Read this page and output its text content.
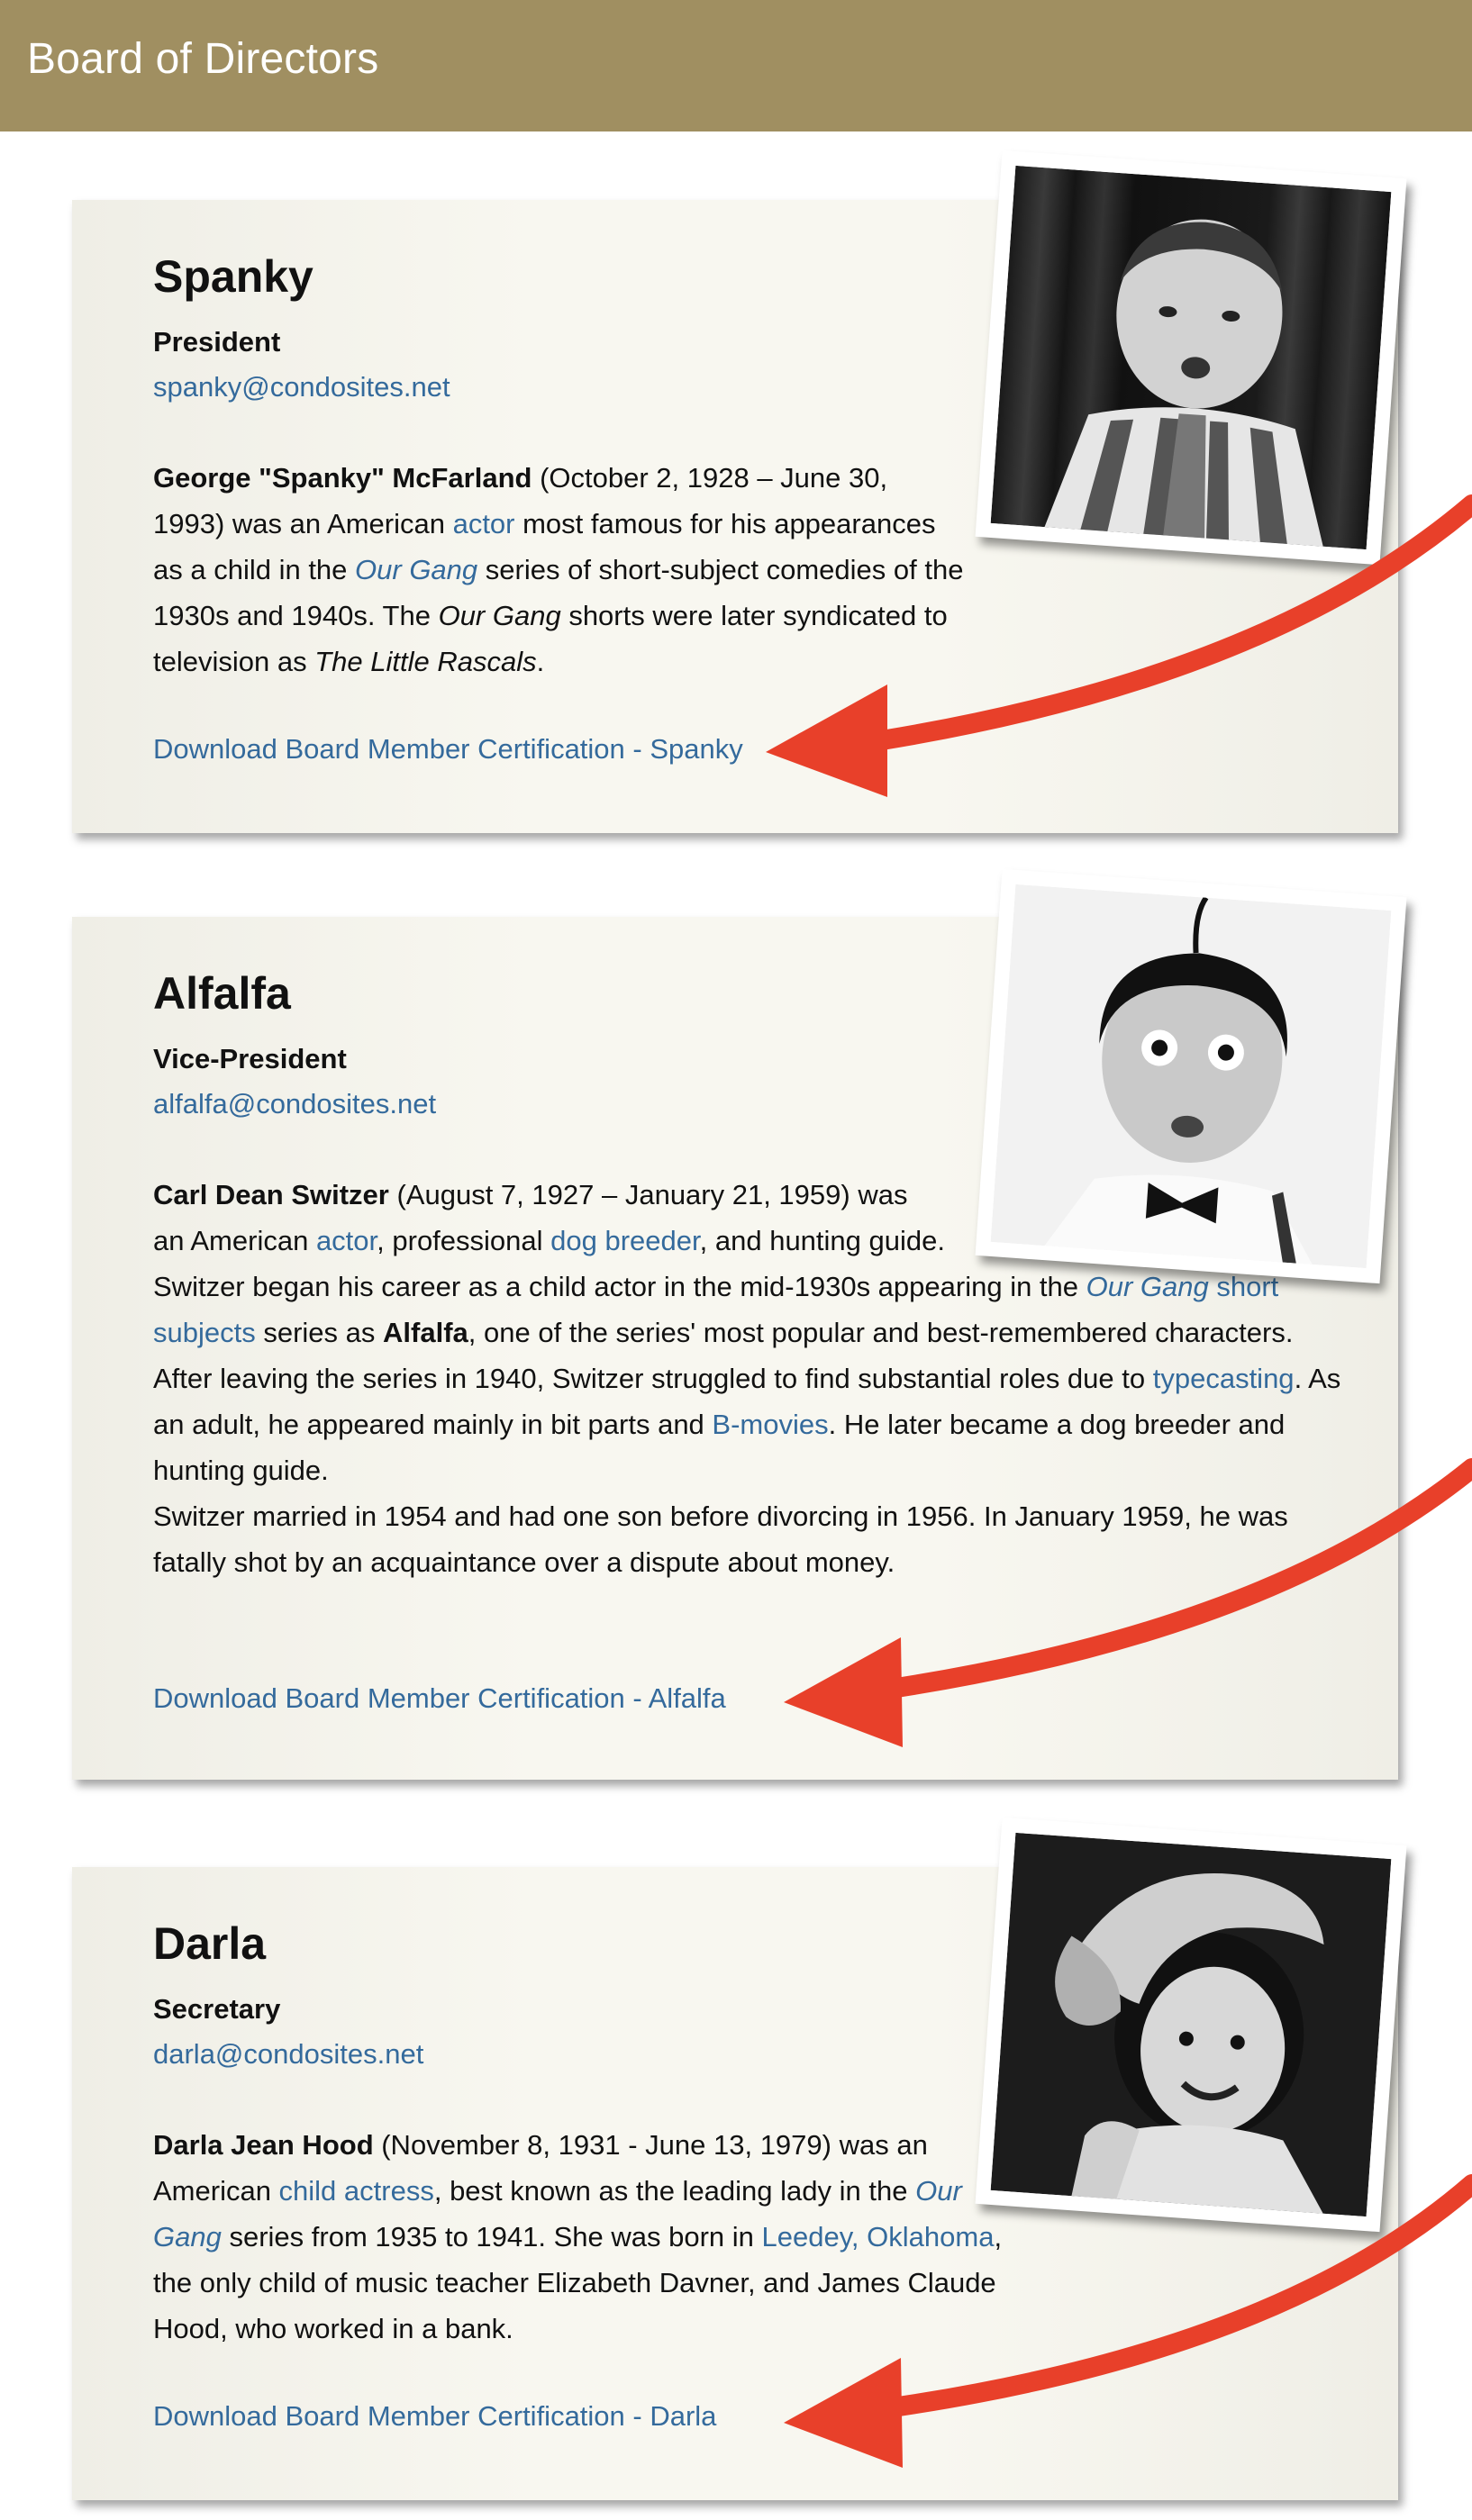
Board of Directors
Spanky
President
spanky@condosites.net
George "Spanky" McFarland (October 2, 1928 – June 30, 1993) was an American actor most famous for his appearances as a child in the Our Gang series of short-subject comedies of the 1930s and 1940s. The Our Gang shorts were later syndicated to television as The Little Rascals.
Download Board Member Certification - Spanky
Alfalfa
Vice-President
alfalfa@condosites.net
Carl Dean Switzer (August 7, 1927 – January 21, 1959) was an American actor, professional dog breeder, and hunting guide.
Switzer began his career as a child actor in the mid-1930s appearing in the Our Gang short subjects series as Alfalfa, one of the series' most popular and best-remembered characters. After leaving the series in 1940, Switzer struggled to find substantial roles due to typecasting. As an adult, he appeared mainly in bit parts and B-movies. He later became a dog breeder and hunting guide.
Switzer married in 1954 and had one son before divorcing in 1956. In January 1959, he was fatally shot by an acquaintance over a dispute about money.
Download Board Member Certification - Alfalfa
Darla
Secretary
darla@condosites.net
Darla Jean Hood (November 8, 1931 - June 13, 1979) was an American child actress, best known as the leading lady in the Our Gang series from 1935 to 1941. She was born in Leedey, Oklahoma, the only child of music teacher Elizabeth Davner, and James Claude Hood, who worked in a bank.
Download Board Member Certification - Darla
